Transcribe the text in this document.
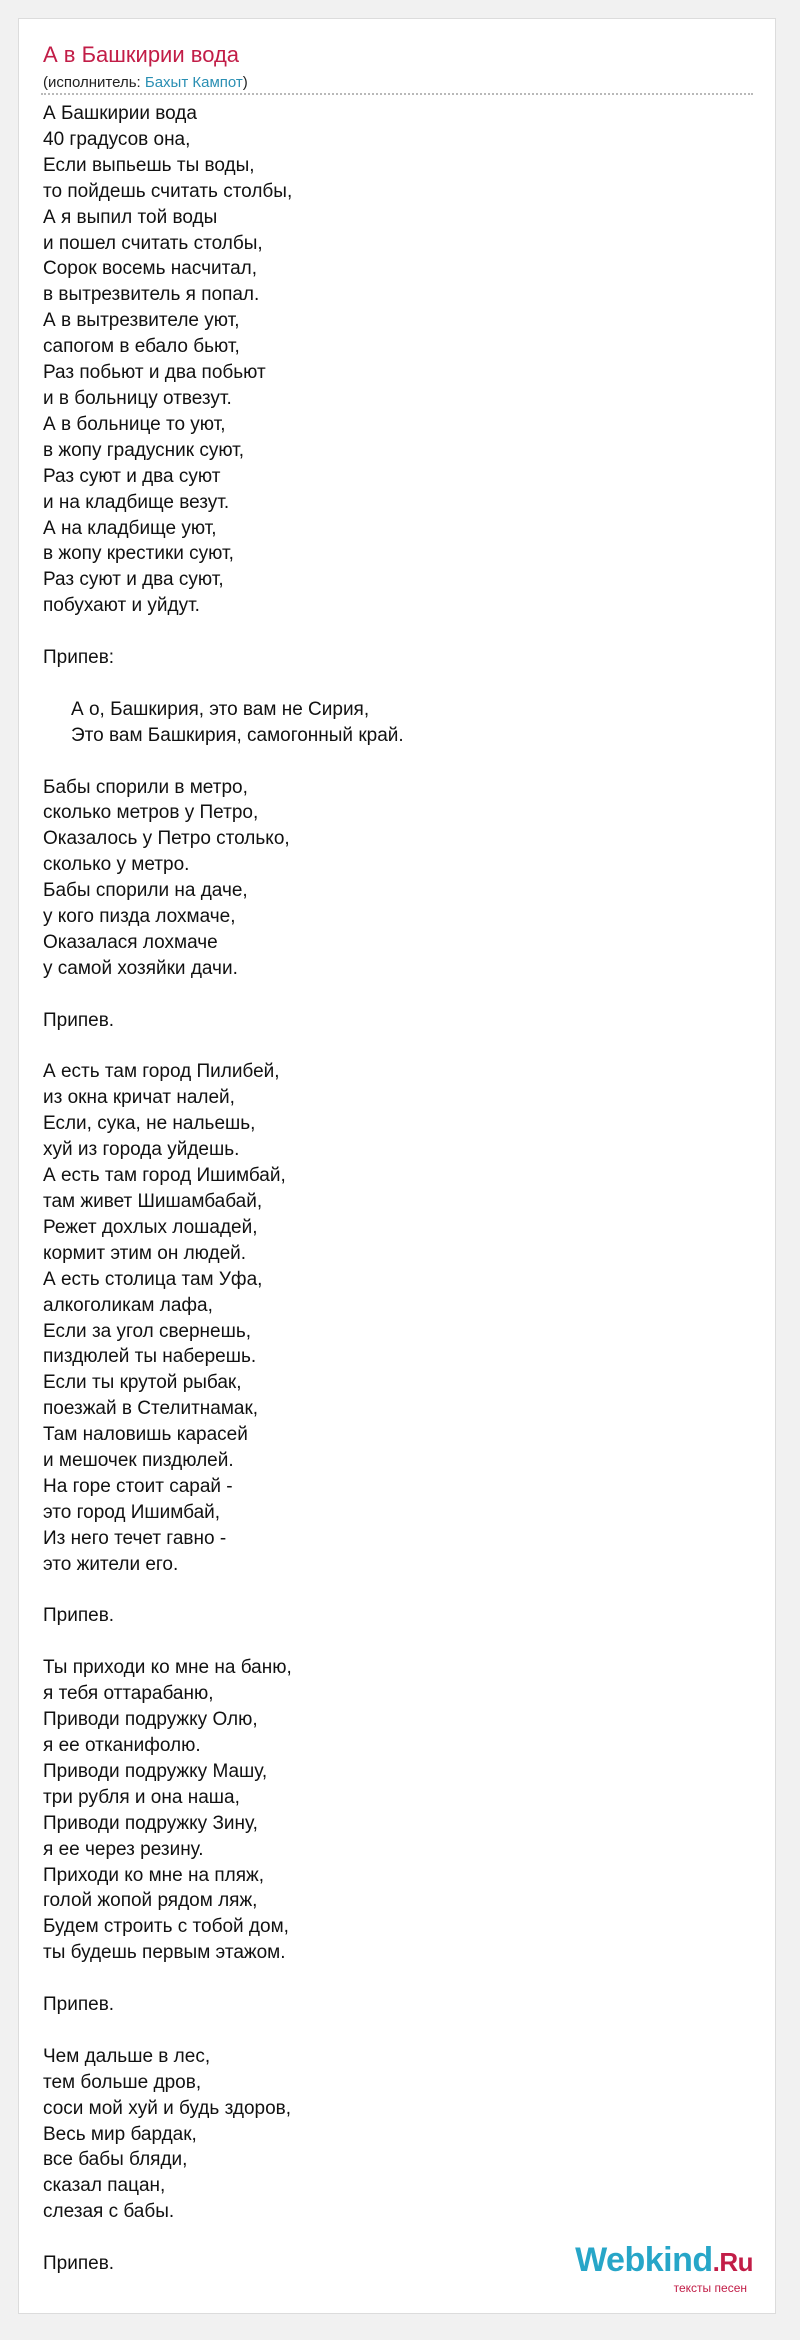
А в Башкирии вода
(исполнитель: Бахыт Кампот)
А Башкирии вода
40 градусов она,
Если выпьешь ты воды,
то пойдешь считать столбы,
А я выпил той воды
и пошел считать столбы,
Сорок восемь насчитал,
в вытрезвитель я попал.
А в вытрезвителе уют,
сапогом в ебало бьют,
Раз побьют и два побьют
и в больницу отвезут.
А в больнице то уют,
в жопу градусник суют,
Раз суют и два суют
и на кладбище везут.
А на кладбище уют,
в жопу крестики суют,
Раз суют и два суют,
побухают и уйдут.
Припев:
А о, Башкирия, это вам не Сирия,
Это вам Башкирия, самогонный край.
Бабы спорили в метро,
сколько метров у Петро,
Оказалось у Петро столько,
сколько у метро.
Бабы спорили на даче,
у кого пизда лохмаче,
Оказалася лохмаче
у самой хозяйки дачи.
Припев.
А есть там город Пилибей,
из окна кричат налей,
Если, сука, не нальешь,
хуй из города уйдешь.
А есть там город Ишимбай,
там живет Шишамбабай,
Режет дохлых лошадей,
кормит этим он людей.
А есть столица там Уфа,
алкоголикам лафа,
Если за угол свернешь,
пиздюлей ты наберешь.
Если ты крутой рыбак,
поезжай в Стелитнамак,
Там наловишь карасей
и мешочек пиздюлей.
На горе стоит сарай -
это город Ишимбай,
Из него течет гавно -
это жители его.
Припев.
Ты приходи ко мне на баню,
я тебя оттарабаню,
Приводи подружку Олю,
я ее отканифолю.
Приводи подружку Машу,
три рубля и она наша,
Приводи подружку Зину,
я ее через резину.
Приходи ко мне на пляж,
голой жопой рядом ляж,
Будем строить с тобой дом,
ты будешь первым этажом.
Припев.
Чем дальше в лес,
тем больше дров,
соси мой хуй и будь здоров,
Весь мир бардак,
все бабы бляди,
сказал пацан,
слезая с бабы.
Припев.	Webkind.Ru
тексты песен
